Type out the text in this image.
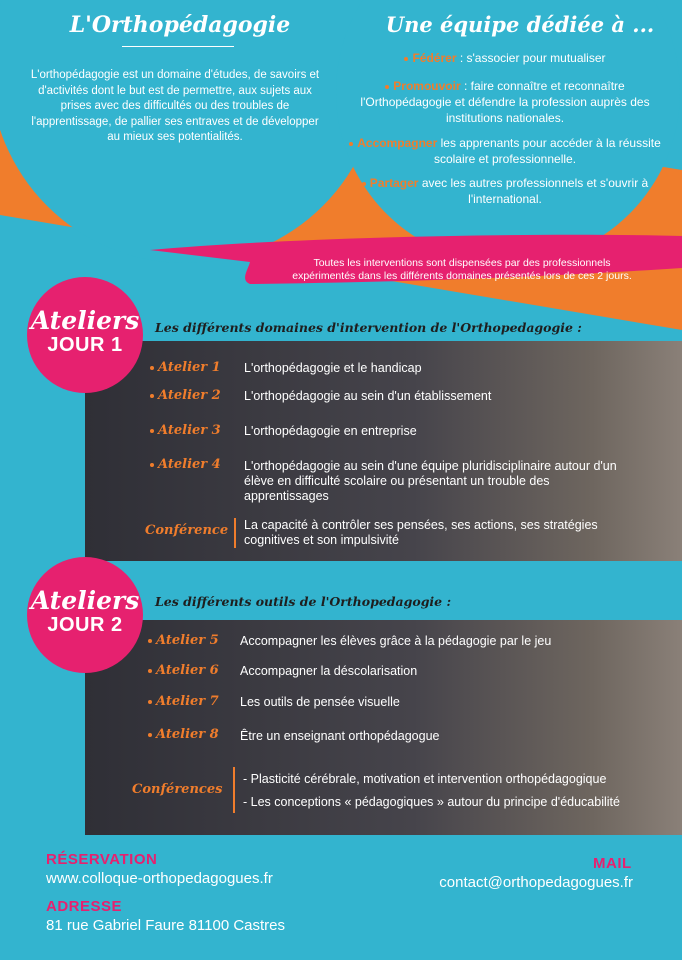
L'Orthopédagogie
L'orthopédagogie est un domaine d'études, de savoirs et d'activités dont le but est de permettre, aux sujets aux prises avec des difficultés ou des troubles de l'apprentissage, de pallier ses entraves et de développer au mieux ses potentialités.
Une équipe dédiée à ...
Fédérer : s'associer pour mutualiser
Promouvoir : faire connaître et reconnaître l'Orthopédagogie et défendre la profession auprès des institutions nationales.
Accompagner les apprenants pour accéder à la réussite scolaire et professionnelle.
Partager avec les autres professionnels et s'ouvrir à l'international.
Toutes les interventions sont dispensées par des professionnels
expérimentés dans les différents domaines présentés lors de ces 2 jours.
Ateliers
JOUR 1
Les différents domaines d'intervention de l'Orthopedagogie :
Atelier 1 L'orthopédagogie et le handicap
Atelier 2 L'orthopédagogie au sein d'un établissement
Atelier 3 L'orthopédagogie en entreprise
Atelier 4 L'orthopédagogie au sein d'une équipe pluridisciplinaire autour d'un élève en difficulté scolaire ou présentant un trouble des apprentissages
Conférence La capacité à contrôler ses pensées, ses actions, ses stratégies cognitives et son impulsivité
Ateliers
JOUR 2
Les différents outils de l'Orthopedagogie :
Atelier 5 Accompagner les élèves grâce à la pédagogie par le jeu
Atelier 6 Accompagner la déscolarisation
Atelier 7 Les outils de pensée visuelle
Atelier 8 Être un enseignant orthopédagogue
Conférences
- Plasticité cérébrale, motivation et intervention orthopédagogique
- Les conceptions « pédagogiques » autour du principe d'éducabilité
RÉSERVATION
www.colloque-orthopedagogues.fr
ADRESSE
81 rue Gabriel Faure 81100 Castres
MAIL
contact@orthopedagogues.fr
